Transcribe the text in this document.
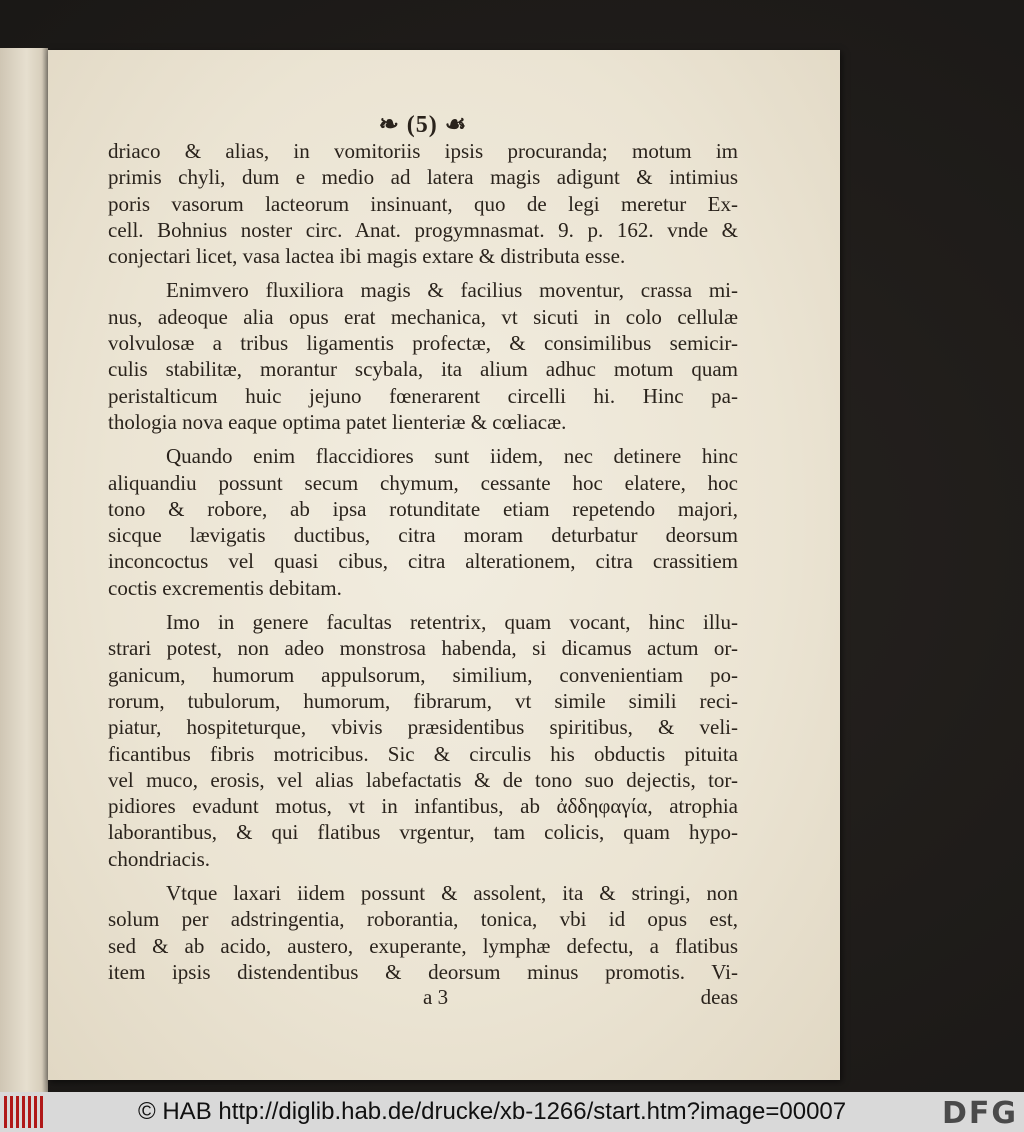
❧ (5) ☙
driaco & alias, in vomitoriis ipsis procuranda; motum im
primis chyli, dum e medio ad latera magis adigunt & intimius
poris vasorum lacteorum insinuant, quo de legi meretur Ex-
cell. Bohnius noster circ. Anat. progymnasmat. 9. p. 162. vnde &
conjectari licet, vasa lactea ibi magis extare & distributa esse.
Enimvero fluxiliora magis & facilius moventur, crassa mi-
nus, adeoque alia opus erat mechanica, vt sicuti in colo cellulæ
volvulosæ a tribus ligamentis profectæ, & consimilibus semicir-
culis stabilitæ, morantur scybala, ita alium adhuc motum quam
peristalticum huic jejuno fœnerarent circelli hi. Hinc pa-
thologia nova eaque optima patet lienteriæ & cœliacæ.
Quando enim flaccidiores sunt iidem, nec detinere hinc
aliquandiu possunt secum chymum, cessante hoc elatere, hoc
tono & robore, ab ipsa rotunditate etiam repetendo majori,
sicque lævigatis ductibus, citra moram deturbatur deorsum
inconcoctus vel quasi cibus, citra alterationem, citra crassitiem
coctis excrementis debitam.
Imo in genere facultas retentrix, quam vocant, hinc illu-
strari potest, non adeo monstrosa habenda, si dicamus actum or-
ganicum, humorum appulsorum, similium, convenientiam po-
rorum, tubulorum, humorum, fibrarum, vt simile simili reci-
piatur, hospiteturque, vbivis præsidentibus spiritibus, & veli-
ficantibus fibris motricibus. Sic & circulis his obductis pituita
vel muco, erosis, vel alias labefactatis & de tono suo dejectis, tor-
pidiores evadunt motus, vt in infantibus, ab ἀδδηφαγία, atrophia
laborantibus, & qui flatibus vrgentur, tam colicis, quam hypo-
chondriacis.
Vtque laxari iidem possunt & assolent, ita & stringi, non
solum per adstringentia, roborantia, tonica, vbi id opus est,
sed & ab acido, austero, exuperante, lymphæ defectu, a flatibus
item ipsis distendentibus & deorsum minus promotis. Vi-
a 3	deas
© HAB http://diglib.hab.de/drucke/xb-1266/start.htm?image=00007	DFG
